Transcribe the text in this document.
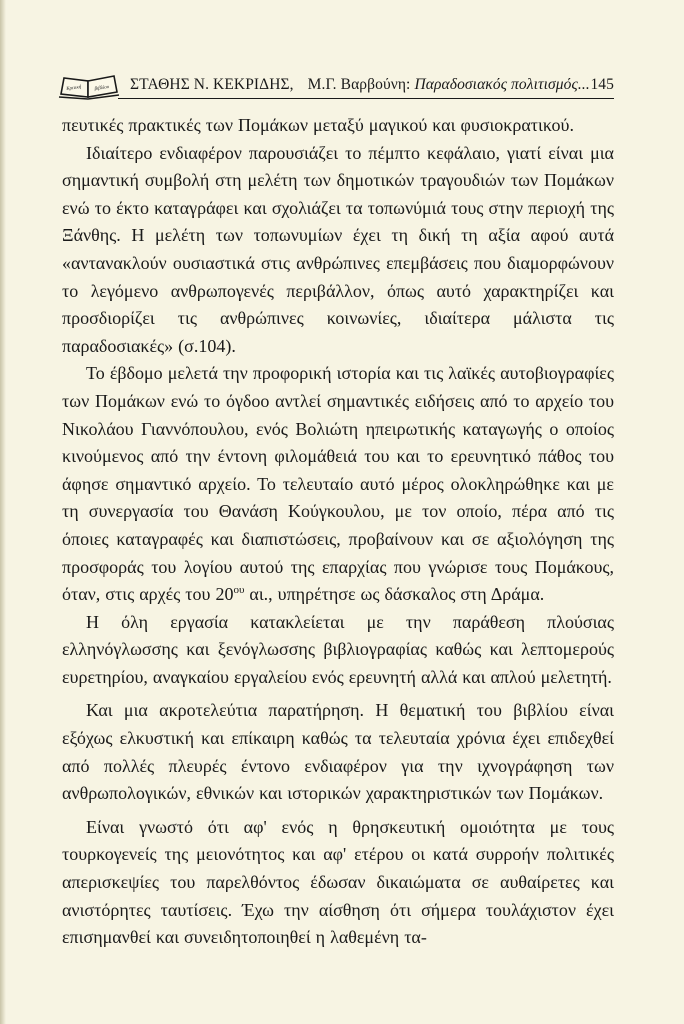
Κριτική βιβλίου ΣΤΑΘΗΣ Ν. ΚΕΚΡΙΔΗΣ, Μ.Γ. Βαρβούνη: Παραδοσιακός πολιτισμός... 145

πευτικές πρακτικές των Πομάκων μεταξύ μαγικού και φυσιοκρατικού.

Ιδιαίτερο ενδιαφέρον παρουσιάζει το πέμπτο κεφάλαιο, γιατί είναι μια σημαντική συμβολή στη μελέτη των δημοτικών τραγουδιών των Πομάκων ενώ το έκτο καταγράφει και σχολιάζει τα τοπωνύμιά τους στην περιοχή της Ξάνθης. Η μελέτη των τοπωνυμίων έχει τη δική τη αξία αφού αυτά «αντανακλούν ουσιαστικά στις ανθρώπινες επεμβάσεις που διαμορφώνουν το λεγόμενο ανθρωπογενές περιβάλλον, όπως αυτό χαρακτηρίζει και προσδιορίζει τις ανθρώπινες κοινωνίες, ιδιαίτερα μάλιστα τις παραδοσιακές» (σ.104).

Το έβδομο μελετά την προφορική ιστορία και τις λαϊκές αυτοβιογραφίες των Πομάκων ενώ το όγδοο αντλεί σημαντικές ειδήσεις από το αρχείο του Νικολάου Γιαννόπουλου, ενός Βολιώτη ηπειρωτικής καταγωγής ο οποίος κινούμενος από την έντονη φιλομάθειά του και το ερευνητικό πάθος του άφησε σημαντικό αρχείο. Το τελευταίο αυτό μέρος ολοκληρώθηκε και με τη συνεργασία του Θανάση Κούγκουλου, με τον οποίο, πέρα από τις όποιες καταγραφές και διαπιστώσεις, προβαίνουν και σε αξιολόγηση της προσφοράς του λογίου αυτού της επαρχίας που γνώρισε τους Πομάκους, όταν, στις αρχές του $20^{o\upsilon}$ αι., υπηρέτησε ως δάσκαλος στη Δράμα.

Η όλη εργασία κατακλείεται με την παράθεση πλούσιας ελληνόγλωσσης και ξενόγλωσσης βιβλιογραφίας καθώς και λεπτομερούς ευρετηρίου, αναγκαίου εργαλείου ενός ερευνητή αλλά και απλού μελετητή.

Και μια ακροτελεύτια παρατήρηση. Η θεματική του βιβλίου είναι εξόχως ελκυστική και επίκαιρη καθώς τα τελευταία χρόνια έχει επιδεχθεί από πολλές πλευρές έντονο ενδιαφέρον για την ιχνογράφηση των ανθρωπολογικών, εθνικών και ιστορικών χαρακτηριστικών των Πομάκων.

Είναι γνωστό ότι αφ' ενός η θρησκευτική ομοιότητα με τους τουρκογενείς της μειονότητος και αφ' ετέρου οι κατά συρροήν πολιτικές απερισκεψίες του παρελθόντος έδωσαν δικαιώματα σε αυθαίρετες και ανιστόρητες ταυτίσεις. Έχω την αίσθηση ότι σήμερα τουλάχιστον έχει επισημανθεί και συνειδητοποιηθεί η λαθεμένη τα-
